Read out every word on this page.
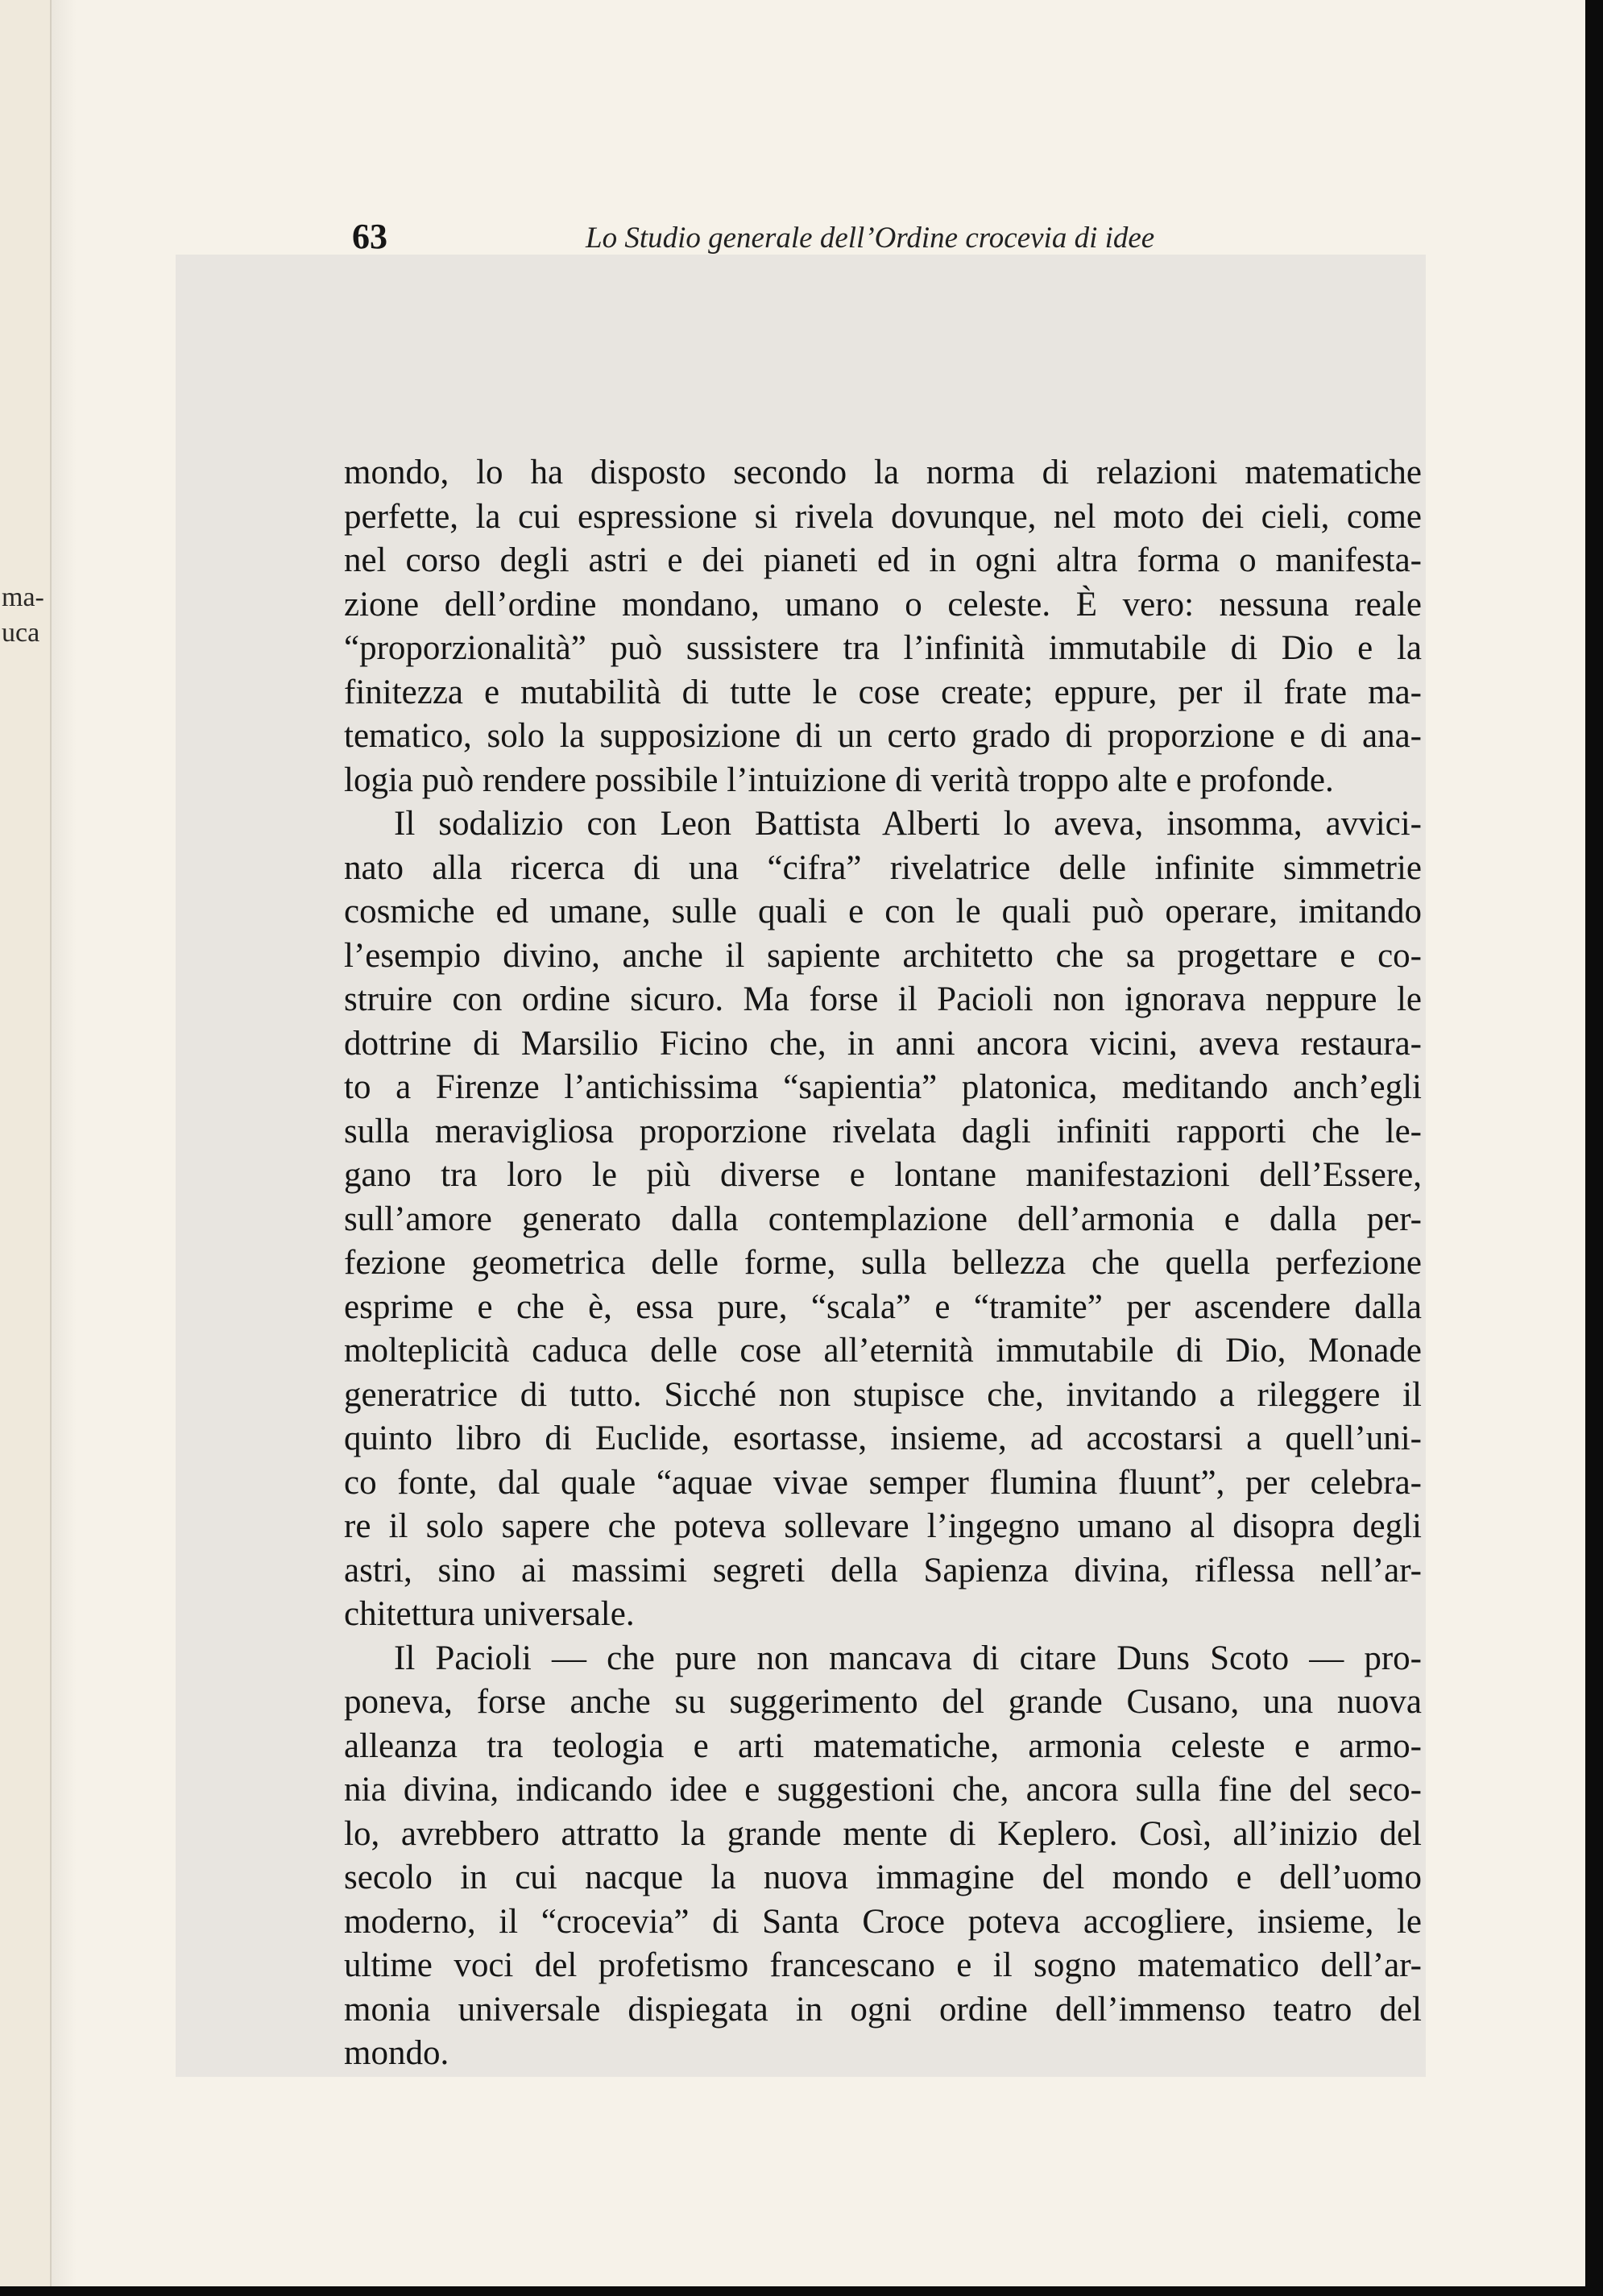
ma-
uca
63	Lo Studio generale dell’Ordine crocevia di idee
mondo, lo ha disposto secondo la norma di relazioni matematiche
perfette, la cui espressione si rivela dovunque, nel moto dei cieli, come
nel corso degli astri e dei pianeti ed in ogni altra forma o manifesta-
zione dell’ordine mondano, umano o celeste. È vero: nessuna reale
“proporzionalità” può sussistere tra l’infinità immutabile di Dio e la
finitezza e mutabilità di tutte le cose create; eppure, per il frate ma-
tematico, solo la supposizione di un certo grado di proporzione e di ana-
logia può rendere possibile l’intuizione di verità troppo alte e profonde.
Il sodalizio con Leon Battista Alberti lo aveva, insomma, avvici-
nato alla ricerca di una “cifra” rivelatrice delle infinite simmetrie
cosmiche ed umane, sulle quali e con le quali può operare, imitando
l’esempio divino, anche il sapiente architetto che sa progettare e co-
struire con ordine sicuro. Ma forse il Pacioli non ignorava neppure le
dottrine di Marsilio Ficino che, in anni ancora vicini, aveva restaura-
to a Firenze l’antichissima “sapientia” platonica, meditando anch’egli
sulla meravigliosa proporzione rivelata dagli infiniti rapporti che le-
gano tra loro le più diverse e lontane manifestazioni dell’Essere,
sull’amore generato dalla contemplazione dell’armonia e dalla per-
fezione geometrica delle forme, sulla bellezza che quella perfezione
esprime e che è, essa pure, “scala” e “tramite” per ascendere dalla
molteplicità caduca delle cose all’eternità immutabile di Dio, Monade
generatrice di tutto. Sicché non stupisce che, invitando a rileggere il
quinto libro di Euclide, esortasse, insieme, ad accostarsi a quell’uni-
co fonte, dal quale “aquae vivae semper flumina fluunt”, per celebra-
re il solo sapere che poteva sollevare l’ingegno umano al disopra degli
astri, sino ai massimi segreti della Sapienza divina, riflessa nell’ar-
chitettura universale.
Il Pacioli — che pure non mancava di citare Duns Scoto — pro-
poneva, forse anche su suggerimento del grande Cusano, una nuova
alleanza tra teologia e arti matematiche, armonia celeste e armo-
nia divina, indicando idee e suggestioni che, ancora sulla fine del seco-
lo, avrebbero attratto la grande mente di Keplero. Così, all’inizio del
secolo in cui nacque la nuova immagine del mondo e dell’uomo
moderno, il “crocevia” di Santa Croce poteva accogliere, insieme, le
ultime voci del profetismo francescano e il sogno matematico dell’ar-
monia universale dispiegata in ogni ordine dell’immenso teatro del
mondo.
